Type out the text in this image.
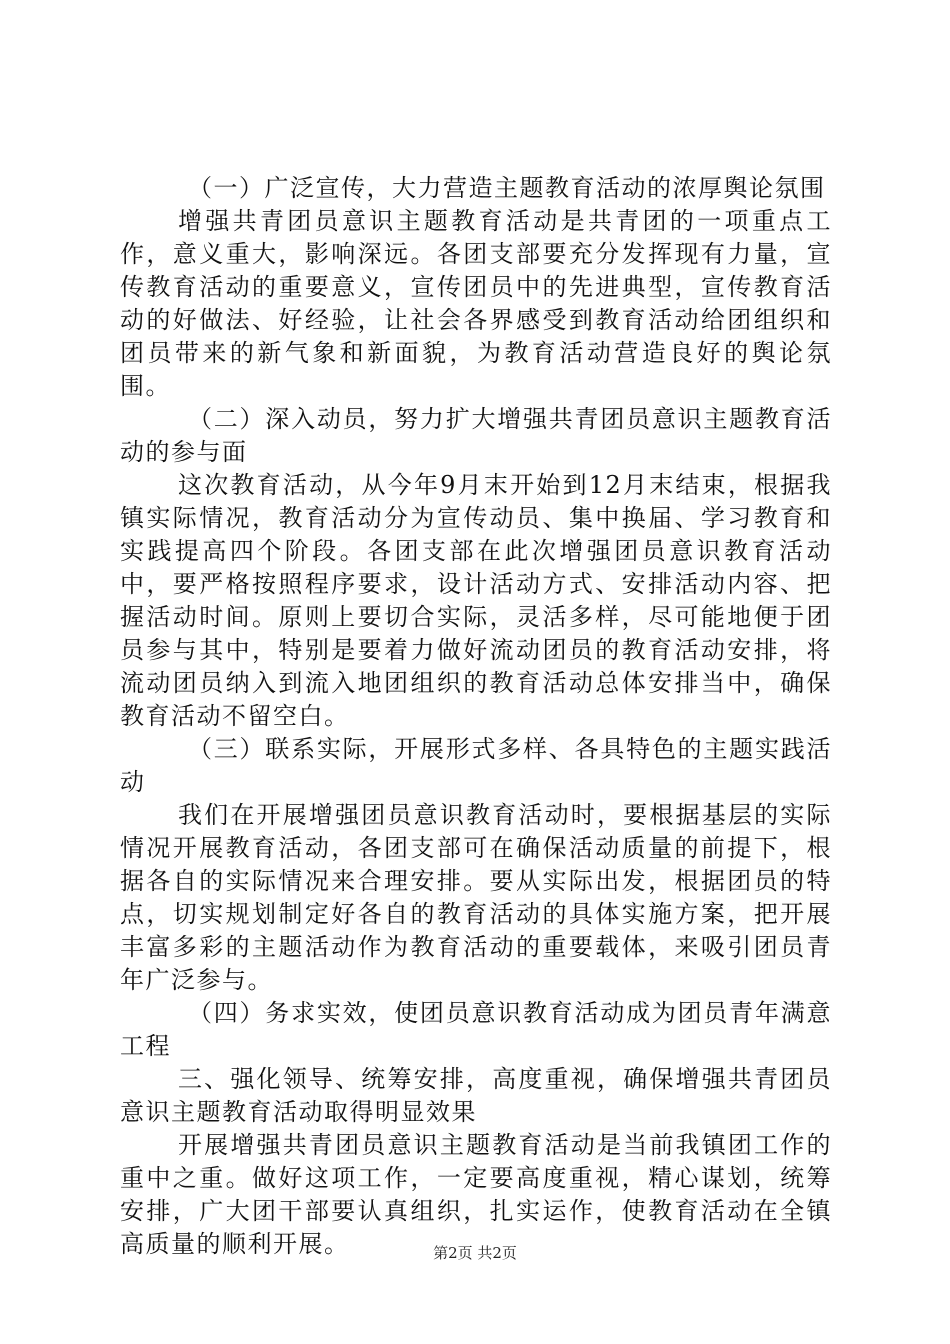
（一）广泛宣传，大力营造主题教育活动的浓厚舆论氛围

增强共青团员意识主题教育活动是共青团的一项重点工作，意义重大，影响深远。各团支部要充分发挥现有力量，宣传教育活动的重要意义，宣传团员中的先进典型，宣传教育活动的好做法、好经验，让社会各界感受到教育活动给团组织和团员带来的新气象和新面貌，为教育活动营造良好的舆论氛围。

（二）深入动员，努力扩大增强共青团员意识主题教育活动的参与面

这次教育活动，从今年9月末开始到12月末结束，根据我镇实际情况，教育活动分为宣传动员、集中换届、学习教育和实践提高四个阶段。各团支部在此次增强团员意识教育活动中，要严格按照程序要求，设计活动方式、安排活动内容、把握活动时间。原则上要切合实际，灵活多样，尽可能地便于团员参与其中，特别是要着力做好流动团员的教育活动安排，将流动团员纳入到流入地团组织的教育活动总体安排当中，确保教育活动不留空白。

（三）联系实际，开展形式多样、各具特色的主题实践活动

我们在开展增强团员意识教育活动时，要根据基层的实际情况开展教育活动，各团支部可在确保活动质量的前提下，根据各自的实际情况来合理安排。要从实际出发，根据团员的特点，切实规划制定好各自的教育活动的具体实施方案，把开展丰富多彩的主题活动作为教育活动的重要载体，来吸引团员青年广泛参与。

（四）务求实效，使团员意识教育活动成为团员青年满意工程

三、强化领导、统筹安排，高度重视，确保增强共青团员意识主题教育活动取得明显效果

开展增强共青团员意识主题教育活动是当前我镇团工作的重中之重。做好这项工作，一定要高度重视，精心谋划，统筹安排，广大团干部要认真组织，扎实运作，使教育活动在全镇高质量的顺利开展。	第2页 共2页
